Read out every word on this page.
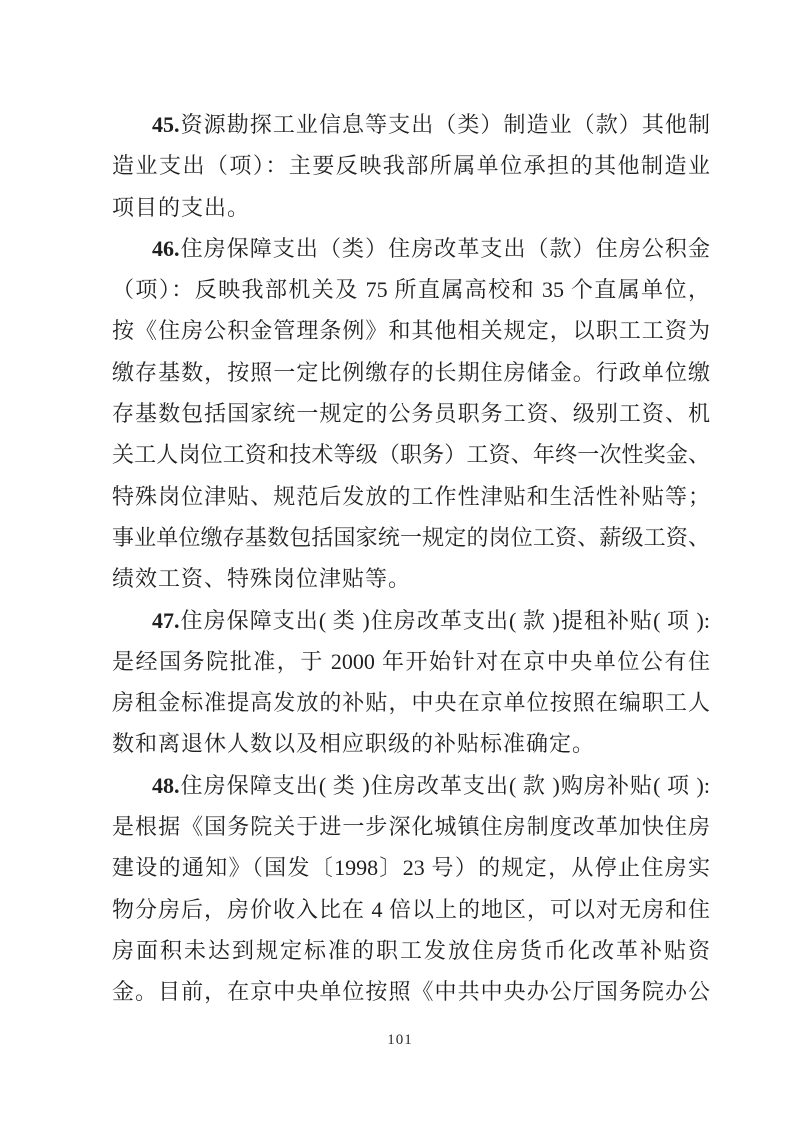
45.资源勘探工业信息等支出（类）制造业（款）其他制
造业支出（项）：主要反映我部所属单位承担的其他制造业
项目的支出。
46.住房保障支出（类）住房改革支出（款）住房公积金
（项）：反映我部机关及 75 所直属高校和 35 个直属单位，
按《住房公积金管理条例》和其他相关规定，以职工工资为
缴存基数，按照一定比例缴存的长期住房储金。行政单位缴
存基数包括国家统一规定的公务员职务工资、级别工资、机
关工人岗位工资和技术等级（职务）工资、年终一次性奖金、
特殊岗位津贴、规范后发放的工作性津贴和生活性补贴等；
事业单位缴存基数包括国家统一规定的岗位工资、薪级工资、
绩效工资、特殊岗位津贴等。
47.住房保障支出( 类 )住房改革支出( 款 )提租补贴( 项 ):
是经国务院批准，于 2000 年开始针对在京中央单位公有住
房租金标准提高发放的补贴，中央在京单位按照在编职工人
数和离退休人数以及相应职级的补贴标准确定。
48.住房保障支出( 类 )住房改革支出( 款 )购房补贴( 项 ):
是根据《国务院关于进一步深化城镇住房制度改革加快住房
建设的通知》（国发〔1998〕23 号）的规定，从停止住房实
物分房后，房价收入比在 4 倍以上的地区，可以对无房和住
房面积未达到规定标准的职工发放住房货币化改革补贴资
金。目前，在京中央单位按照《中共中央办公厅国务院办公
101
